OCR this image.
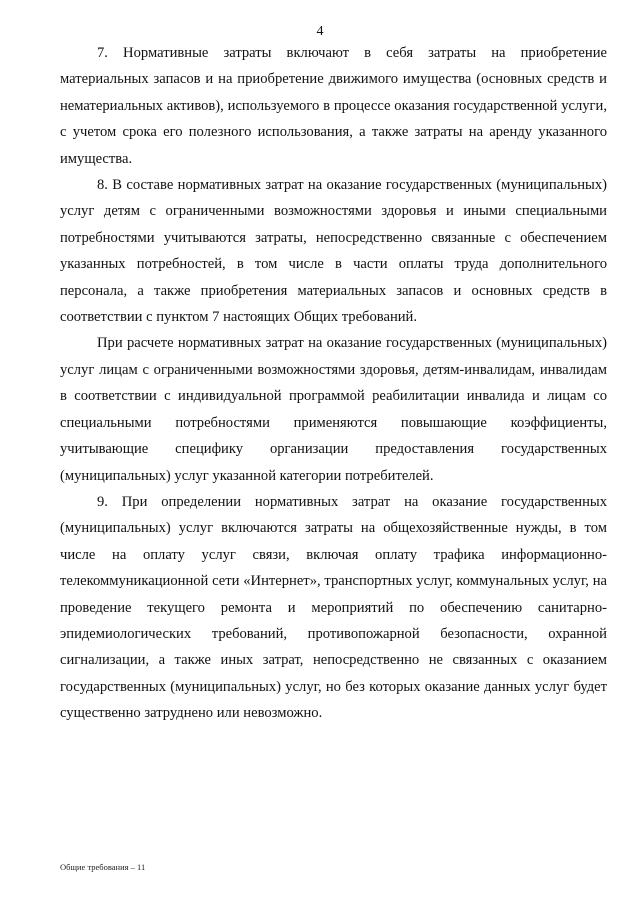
4

7. Нормативные затраты включают в себя затраты на приобретение материальных запасов и на приобретение движимого имущества (основных средств и нематериальных активов), используемого в процессе оказания государственной услуги, с учетом срока его полезного использования, а также затраты на аренду указанного имущества.

8. В составе нормативных затрат на оказание государственных (муниципальных) услуг детям с ограниченными возможностями здоровья и иными специальными потребностями учитываются затраты, непосредственно связанные с обеспечением указанных потребностей, в том числе в части оплаты труда дополнительного персонала, а также приобретения материальных запасов и основных средств в соответствии с пунктом 7 настоящих Общих требований.

При расчете нормативных затрат на оказание государственных (муниципальных) услуг лицам с ограниченными возможностями здоровья, детям-инвалидам, инвалидам в соответствии с индивидуальной программой реабилитации инвалида и лицам со специальными потребностями применяются повышающие коэффициенты, учитывающие специфику организации предоставления государственных (муниципальных) услуг указанной категории потребителей.

9. При определении нормативных затрат на оказание государственных (муниципальных) услуг включаются затраты на общехозяйственные нужды, в том числе на оплату услуг связи, включая оплату трафика информационно-телекоммуникационной сети «Интернет», транспортных услуг, коммунальных услуг, на проведение текущего ремонта и мероприятий по обеспечению санитарно-эпидемиологических требований, противопожарной безопасности, охранной сигнализации, а также иных затрат, непосредственно не связанных с оказанием государственных (муниципальных) услуг, но без которых оказание данных услуг будет существенно затруднено или невозможно.

Общие требования – 11
